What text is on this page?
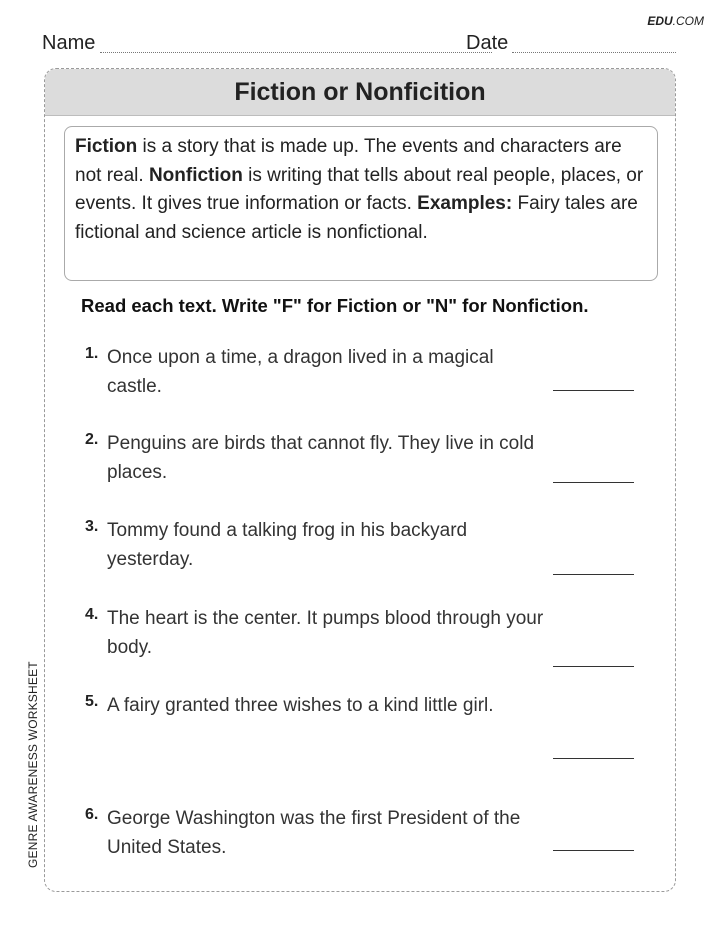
EDU.COM
Name	Date
GENRE AWARENESS WORKSHEET
Fiction or Nonficition
Fiction is a story that is made up. The events and characters are not real. Nonfiction is writing that tells about real people, places, or events. It gives true information or facts. Examples: Fairy tales are fictional and science article is nonfictional.
Read each text. Write "F" for Fiction or "N" for Nonfiction.
1. Once upon a time, a dragon lived in a magical castle.
2. Penguins are birds that cannot fly. They live in cold places.
3. Tommy found a talking frog in his backyard yesterday.
4. The heart is the center. It pumps blood through your body.
5. A fairy granted three wishes to a kind little girl.
6. George Washington was the first President of the United States.
